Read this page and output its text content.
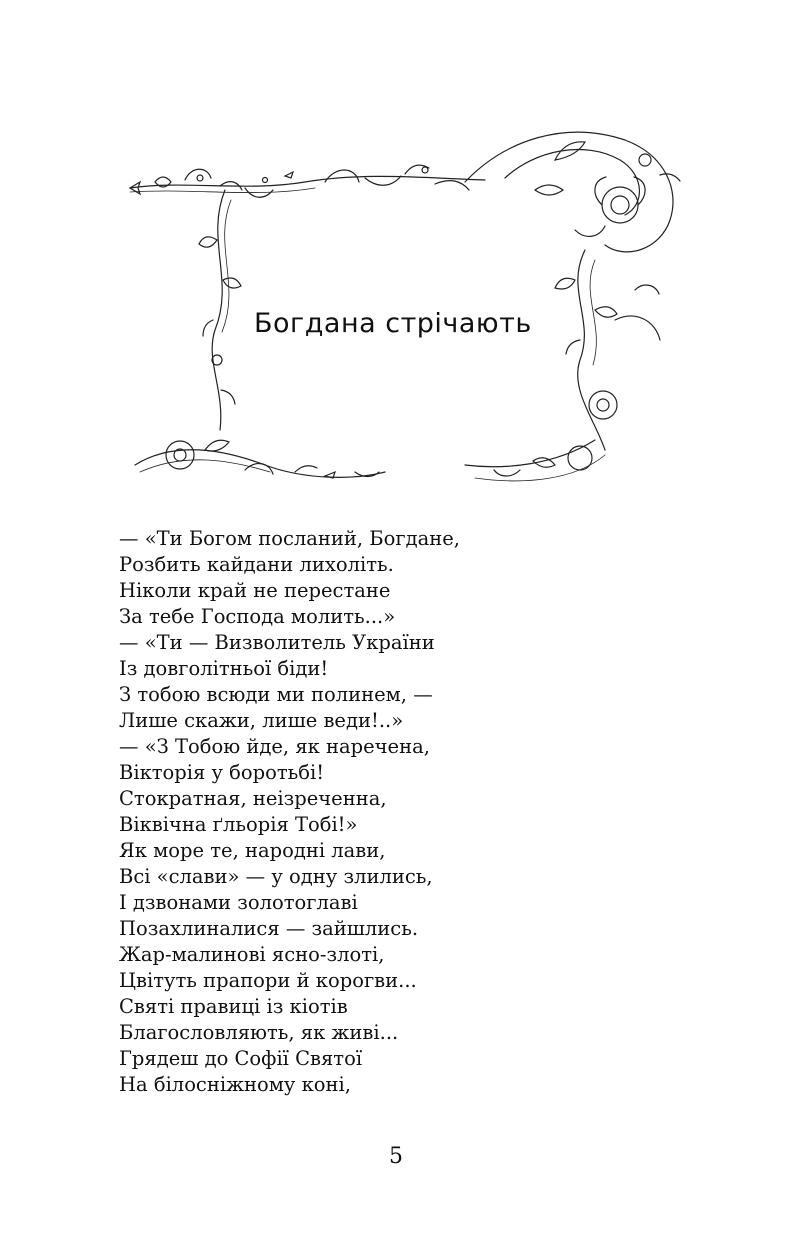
Богдана стрічають
— «Ти Богом посланий, Богдане,
Розбить кайдани лихоліть.
Ніколи край не перестане
За тебе Господа молить...»
— «Ти — Визволитель України
Із довголітньої біди!
З тобою всюди ми полинем, —
Лише скажи, лише веди!..»
— «З Тобою йде, як наречена,
Вікторія у боротьбі!
Стократная, неізреченна,
Віквічна ґльорія Тобі!»
Як море те, народні лави,
Всі «слави» — у одну злились,
І дзвонами золотоглаві
Позахлиналися — зайшлись.
Жар-малинові ясно-злоті,
Цвітуть прапори й корогви...
Святі правиці із кіотів
Благословляють, як живі...
Грядеш до Софії Святої
На білосніжному коні,
5
